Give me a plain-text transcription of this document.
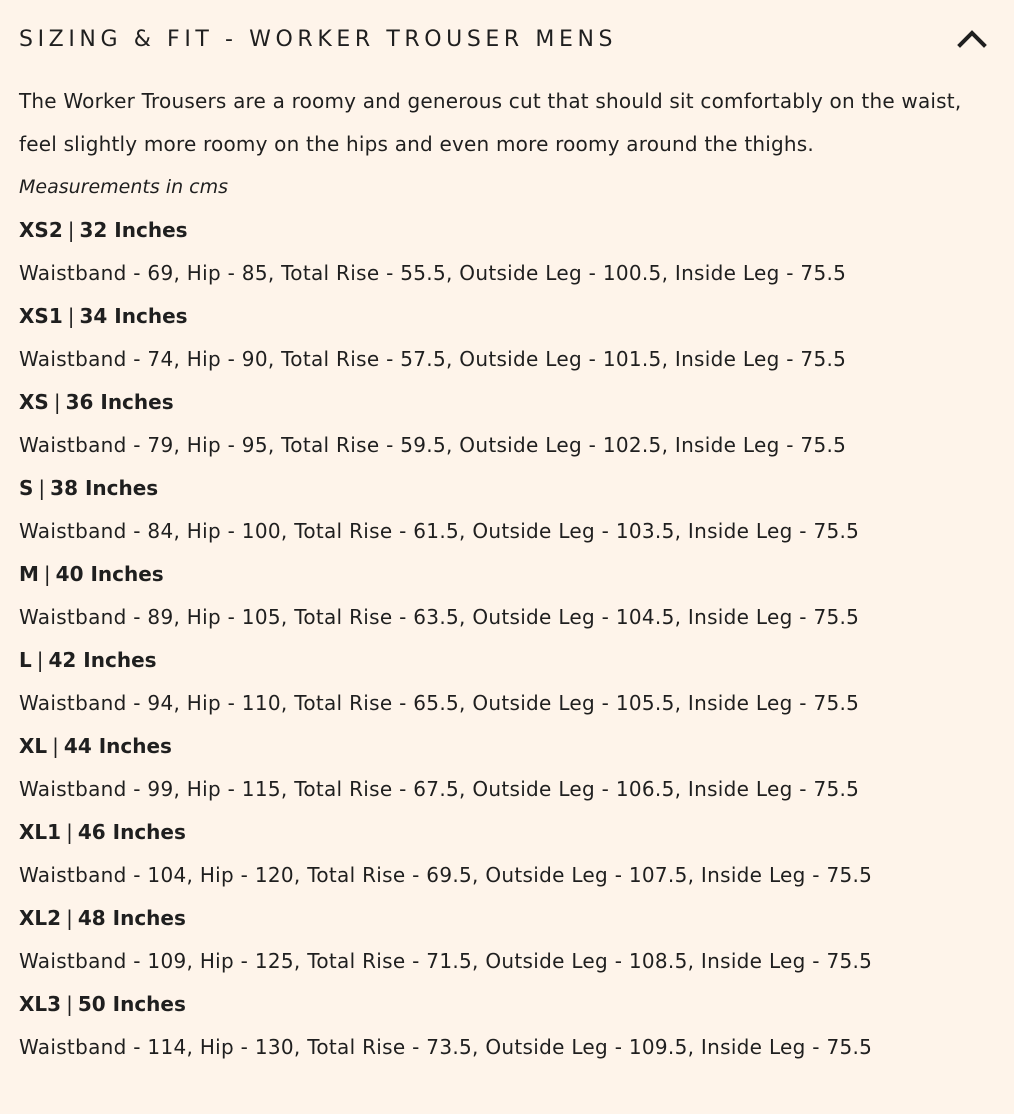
SIZING & FIT - WORKER TROUSER MENS

The Worker Trousers are a roomy and generous cut that should sit comfortably on the waist, feel slightly more roomy on the hips and even more roomy around the thighs.

Measurements in cms

XS2 | 32 Inches

Waistband - 69, Hip - 85, Total Rise - 55.5, Outside Leg - 100.5, Inside Leg - 75.5

XS1 | 34 Inches

Waistband - 74, Hip - 90, Total Rise - 57.5, Outside Leg - 101.5, Inside Leg - 75.5

XS | 36 Inches

Waistband - 79, Hip - 95, Total Rise - 59.5, Outside Leg - 102.5, Inside Leg - 75.5

S | 38 Inches

Waistband - 84, Hip - 100, Total Rise - 61.5, Outside Leg - 103.5, Inside Leg - 75.5

M | 40 Inches

Waistband - 89, Hip - 105, Total Rise - 63.5, Outside Leg - 104.5, Inside Leg - 75.5

L | 42 Inches

Waistband - 94, Hip - 110, Total Rise - 65.5, Outside Leg - 105.5, Inside Leg - 75.5

XL | 44 Inches

Waistband - 99, Hip - 115, Total Rise - 67.5, Outside Leg - 106.5, Inside Leg - 75.5

XL1 | 46 Inches

Waistband - 104, Hip - 120, Total Rise - 69.5, Outside Leg - 107.5, Inside Leg - 75.5

XL2 | 48 Inches

Waistband - 109, Hip - 125, Total Rise - 71.5, Outside Leg - 108.5, Inside Leg - 75.5

XL3 | 50 Inches

Waistband - 114, Hip - 130, Total Rise - 73.5, Outside Leg - 109.5, Inside Leg - 75.5
